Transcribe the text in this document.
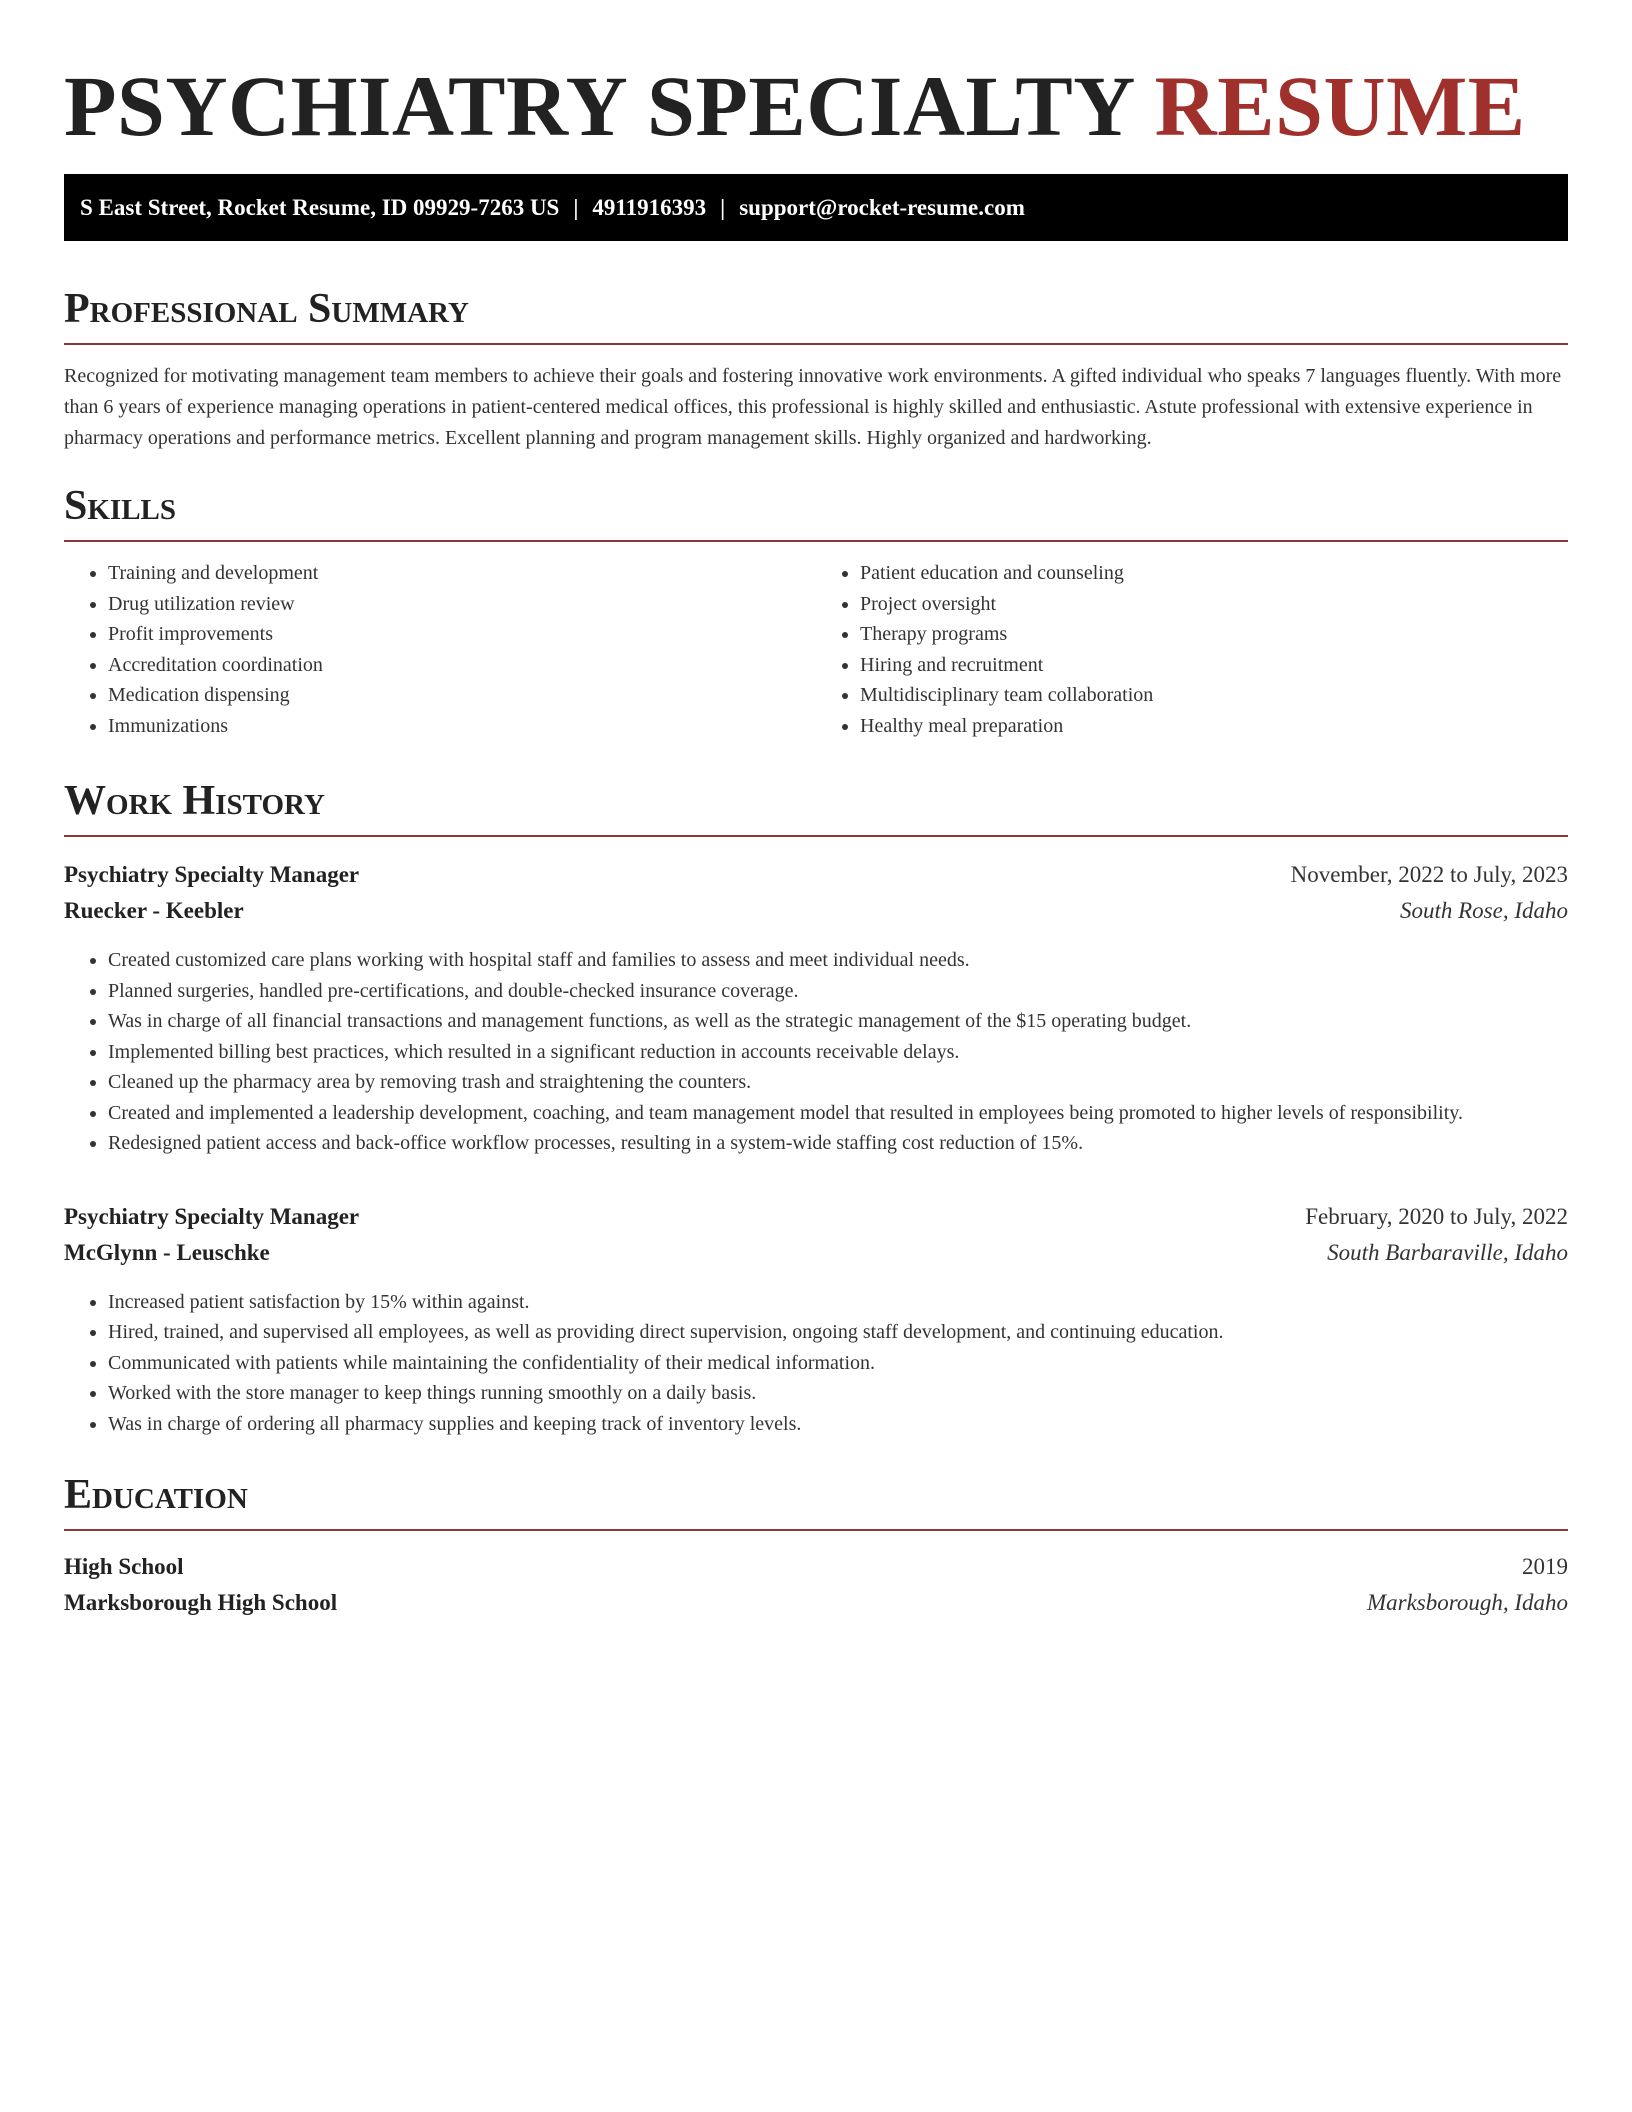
PSYCHIATRY SPECIALTY RESUME
S East Street, Rocket Resume, ID 09929-7263 US | 4911916393 | support@rocket-resume.com
Professional Summary

Recognized for motivating management team members to achieve their goals and fostering innovative work environments. A gifted individual who speaks 7 languages fluently. With more than 6 years of experience managing operations in patient-centered medical offices, this professional is highly skilled and enthusiastic. Astute professional with extensive experience in pharmacy operations and performance metrics. Excellent planning and program management skills. Highly organized and hardworking.

Skills
• Training and development
• Drug utilization review
• Profit improvements
• Accreditation coordination
• Medication dispensing
• Immunizations
• Patient education and counseling
• Project oversight
• Therapy programs
• Hiring and recruitment
• Multidisciplinary team collaboration
• Healthy meal preparation
Work History
Psychiatry Specialty Manager	November, 2022 to July, 2023
Ruecker - Keebler	South Rose, Idaho
• Created customized care plans working with hospital staff and families to assess and meet individual needs.
• Planned surgeries, handled pre-certifications, and double-checked insurance coverage.
• Was in charge of all financial transactions and management functions, as well as the strategic management of the $15 operating budget.
• Implemented billing best practices, which resulted in a significant reduction in accounts receivable delays.
• Cleaned up the pharmacy area by removing trash and straightening the counters.
• Created and implemented a leadership development, coaching, and team management model that resulted in employees being promoted to higher levels of responsibility.
• Redesigned patient access and back-office workflow processes, resulting in a system-wide staffing cost reduction of 15%.
Psychiatry Specialty Manager	February, 2020 to July, 2022
McGlynn - Leuschke	South Barbaraville, Idaho
• Increased patient satisfaction by 15% within against.
• Hired, trained, and supervised all employees, as well as providing direct supervision, ongoing staff development, and continuing education.
• Communicated with patients while maintaining the confidentiality of their medical information.
• Worked with the store manager to keep things running smoothly on a daily basis.
• Was in charge of ordering all pharmacy supplies and keeping track of inventory levels.
Education
High School	2019
Marksborough High School	Marksborough, Idaho
